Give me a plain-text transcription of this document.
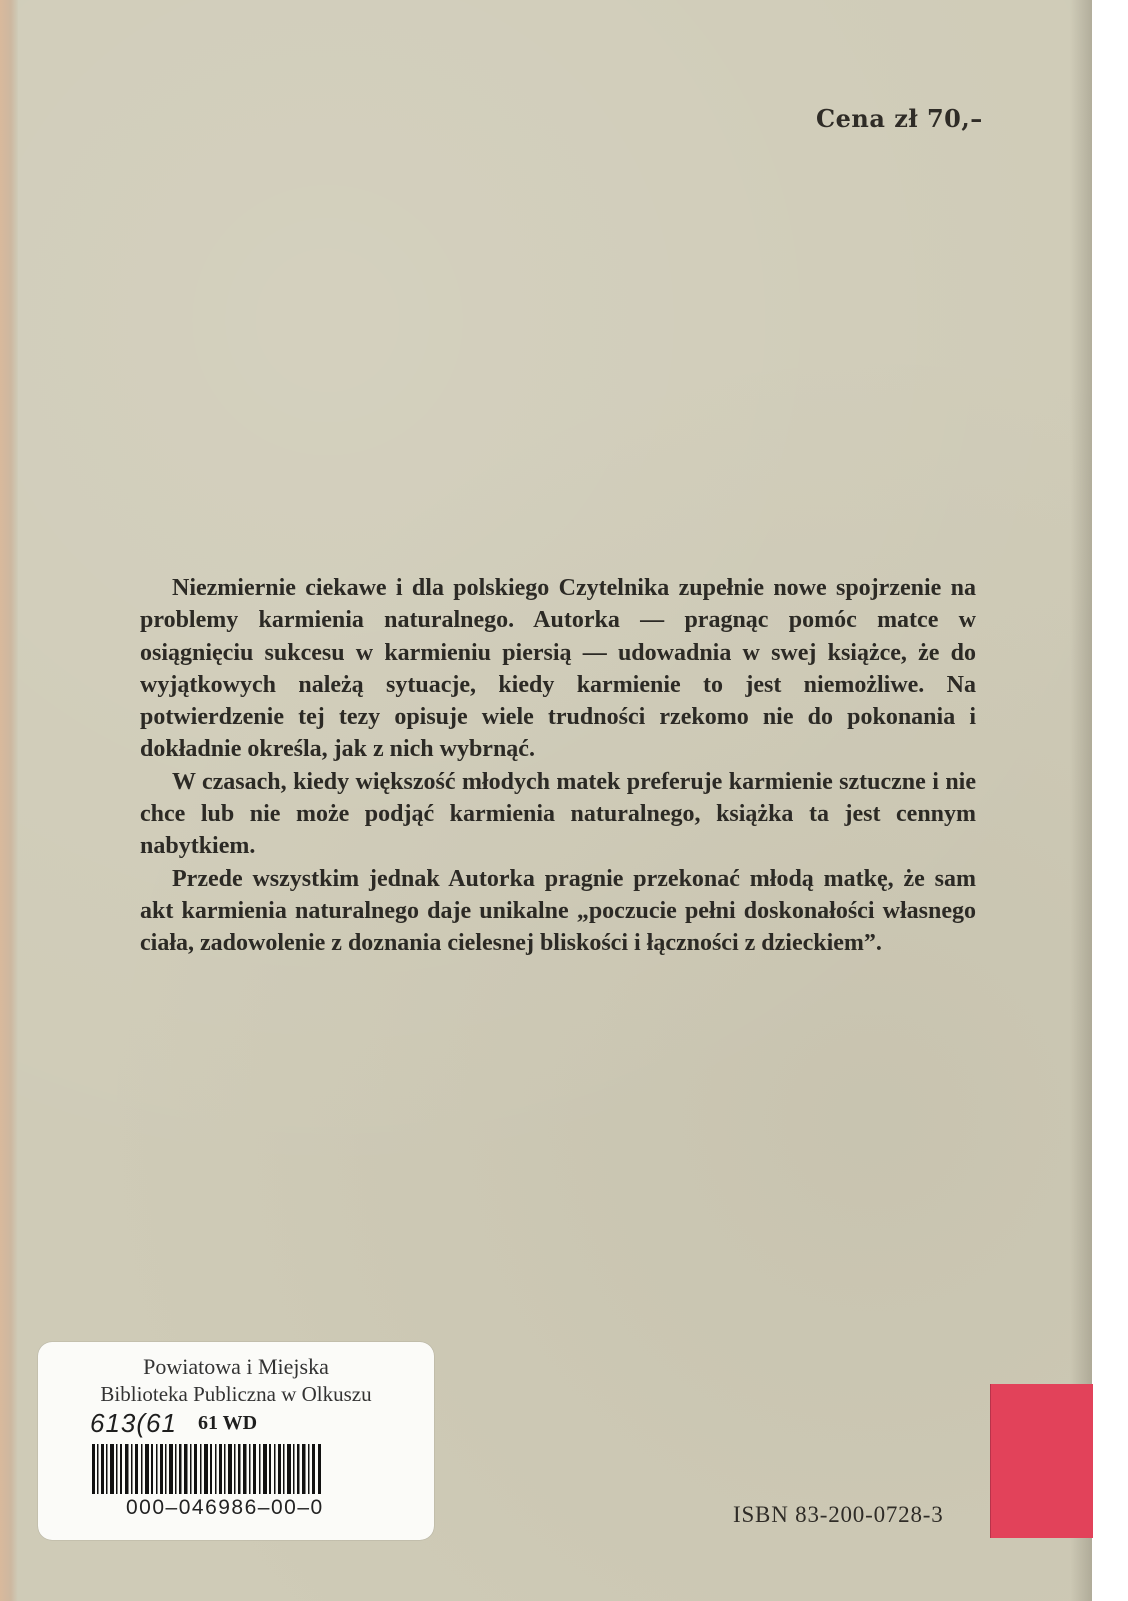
Cena zł 70,–

Niezmiernie ciekawe i dla polskiego Czytelnika zupełnie nowe spojrzenie na problemy karmienia naturalnego. Autorka — pragnąc pomóc matce w osiągnięciu sukcesu w karmieniu piersią — udowadnia w swej książce, że do wyjątkowych należą sytuacje, kiedy karmienie to jest niemożliwe. Na potwierdzenie tej tezy opisuje wiele trudności rzekomo nie do pokonania i dokładnie określa, jak z nich wybrnąć.

W czasach, kiedy większość młodych matek preferuje karmienie sztuczne i nie chce lub nie może podjąć karmienia naturalnego, książka ta jest cennym nabytkiem.

Przede wszystkim jednak Autorka pragnie przekonać młodą matkę, że sam akt karmienia naturalnego daje unikalne „poczucie pełni doskonałości własnego ciała, zadowolenie z doznania cielesnej bliskości i łączności z dzieckiem”.

ISBN 83-200-0728-3
Powiatowa i Miejska
Biblioteka Publiczna w Olkuszu
613(61 61 WD
000–046986–00–0
